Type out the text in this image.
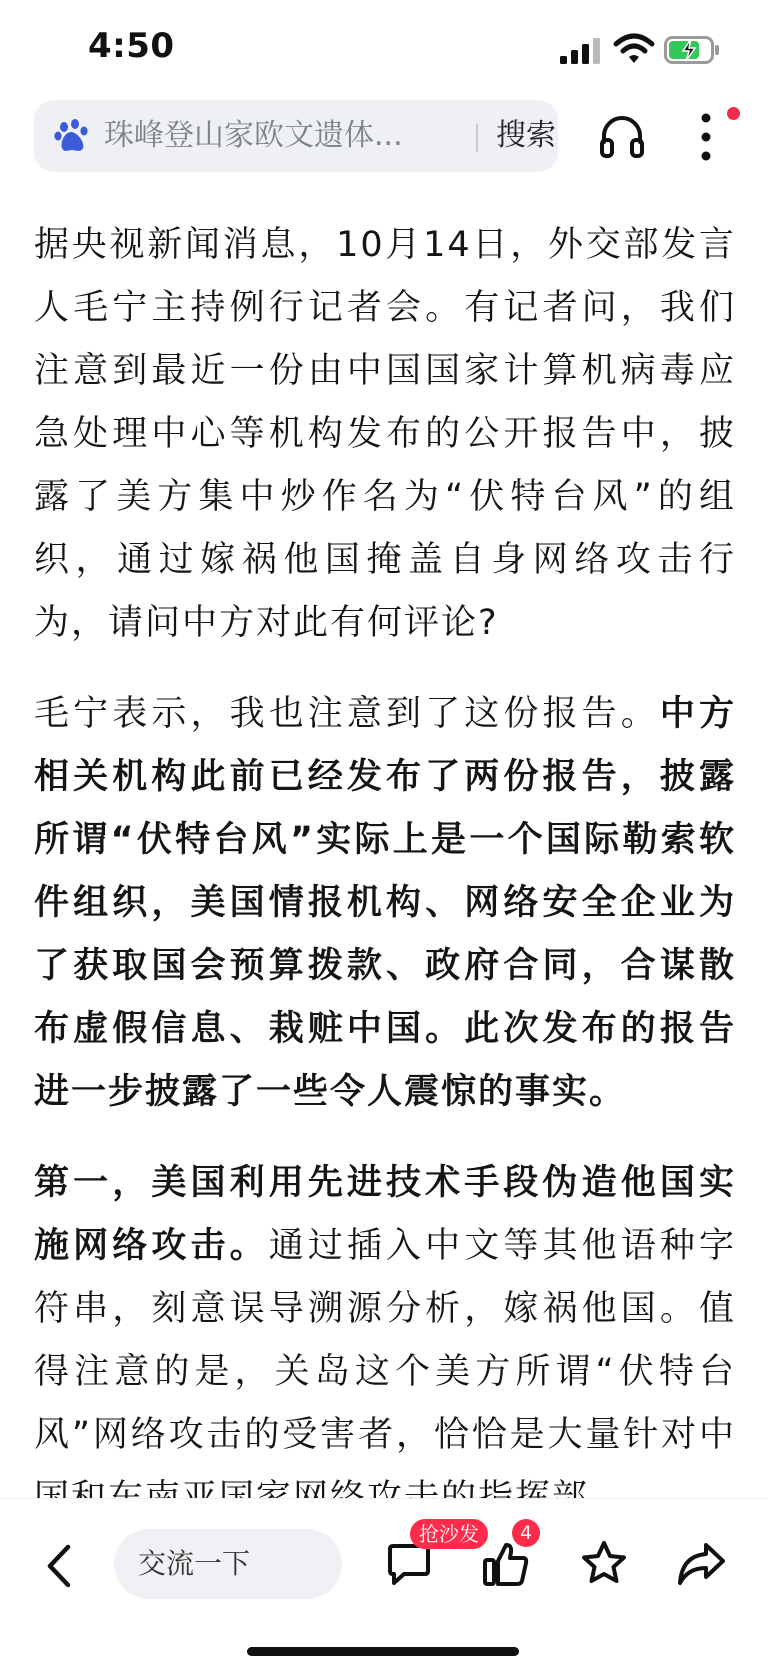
4:50
珠峰登山家欧文遗体...	搜索

据央视新闻消息，10月14日，外交部发言人毛宁主持例行记者会。有记者问，我们注意到最近一份由中国国家计算机病毒应急处理中心等机构发布的公开报告中，披露了美方集中炒作名为“伏特台风”的组织，通过嫁祸他国掩盖自身网络攻击行为，请问中方对此有何评论?

毛宁表示，我也注意到了这份报告。中方相关机构此前已经发布了两份报告，披露所谓“伏特台风”实际上是一个国际勒索软件组织，美国情报机构、网络安全企业为了获取国会预算拨款、政府合同，合谋散布虚假信息、栽赃中国。此次发布的报告进一步披露了一些令人震惊的事实。

第一，美国利用先进技术手段伪造他国实施网络攻击。通过插入中文等其他语种字符串，刻意误导溯源分析，嫁祸他国。值得注意的是，关岛这个美方所谓“伏特台风”网络攻击的受害者，恰恰是大量针对中

交流一下
抢沙发	4
